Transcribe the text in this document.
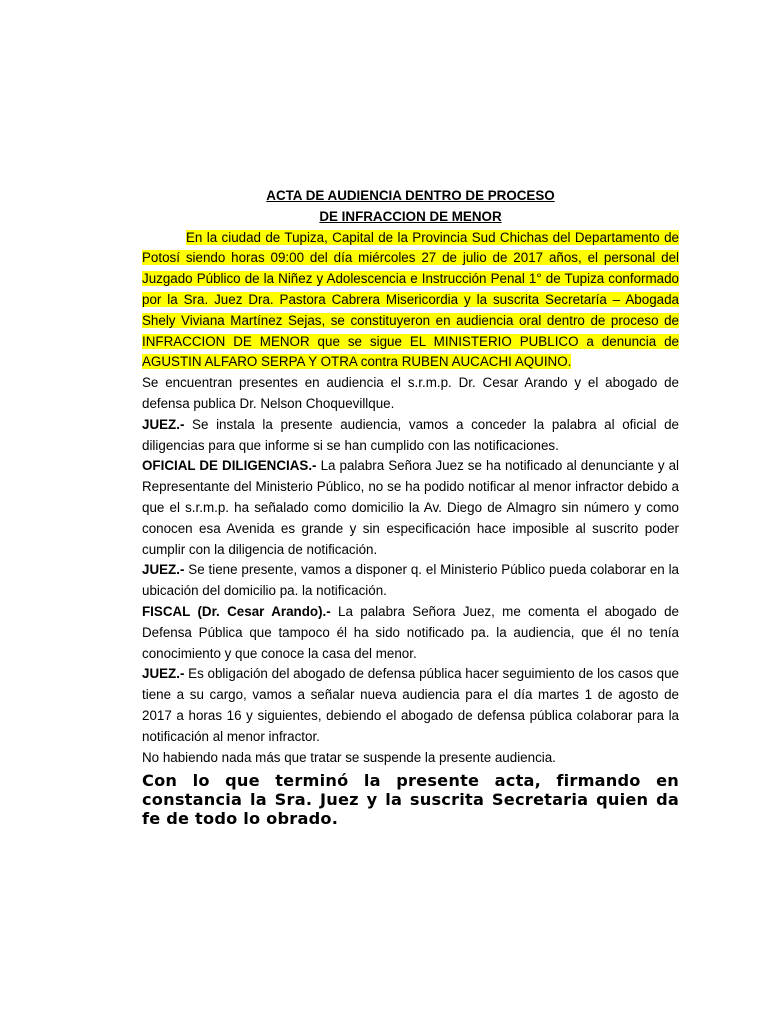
ACTA DE AUDIENCIA DENTRO DE PROCESO
DE INFRACCION DE MENOR
En la ciudad de Tupiza, Capital de la Provincia Sud Chichas del Departamento de Potosí siendo horas 09:00 del día miércoles 27 de julio de 2017 años, el personal del Juzgado Público de la Niñez y Adolescencia e Instrucción Penal 1° de Tupiza conformado por la Sra. Juez Dra. Pastora Cabrera Misericordia y la suscrita Secretaría – Abogada Shely Viviana Martínez Sejas, se constituyeron en audiencia oral dentro de proceso de INFRACCION DE MENOR que se sigue EL MINISTERIO PUBLICO a denuncia de AGUSTIN ALFARO SERPA Y OTRA contra RUBEN AUCACHI AQUINO.
Se encuentran presentes en audiencia el s.r.m.p. Dr. Cesar Arando y el abogado de defensa publica Dr. Nelson Choquevillque.
JUEZ.- Se instala la presente audiencia, vamos a conceder la palabra al oficial de diligencias para que informe si se han cumplido con las notificaciones.
OFICIAL DE DILIGENCIAS.- La palabra Señora Juez se ha notificado al denunciante y al Representante del Ministerio Público, no se ha podido notificar al menor infractor debido a que el s.r.m.p. ha señalado como domicilio la Av. Diego de Almagro sin número y como conocen esa Avenida es grande y sin especificación hace imposible al suscrito poder cumplir con la diligencia de notificación.
JUEZ.- Se tiene presente, vamos a disponer q. el Ministerio Público pueda colaborar en la ubicación del domicilio pa. la notificación.
FISCAL (Dr. Cesar Arando).- La palabra Señora Juez, me comenta el abogado de Defensa Pública que tampoco él ha sido notificado pa. la audiencia, que él no tenía conocimiento y que conoce la casa del menor.
JUEZ.- Es obligación del abogado de defensa pública hacer seguimiento de los casos que tiene a su cargo, vamos a señalar nueva audiencia para el día martes 1 de agosto de 2017 a horas 16 y siguientes, debiendo el abogado de defensa pública colaborar para la notificación al menor infractor.
No habiendo nada más que tratar se suspende la presente audiencia.
Con lo que terminó la presente acta, firmando en constancia la Sra. Juez y la suscrita Secretaria quien da fe de todo lo obrado.
